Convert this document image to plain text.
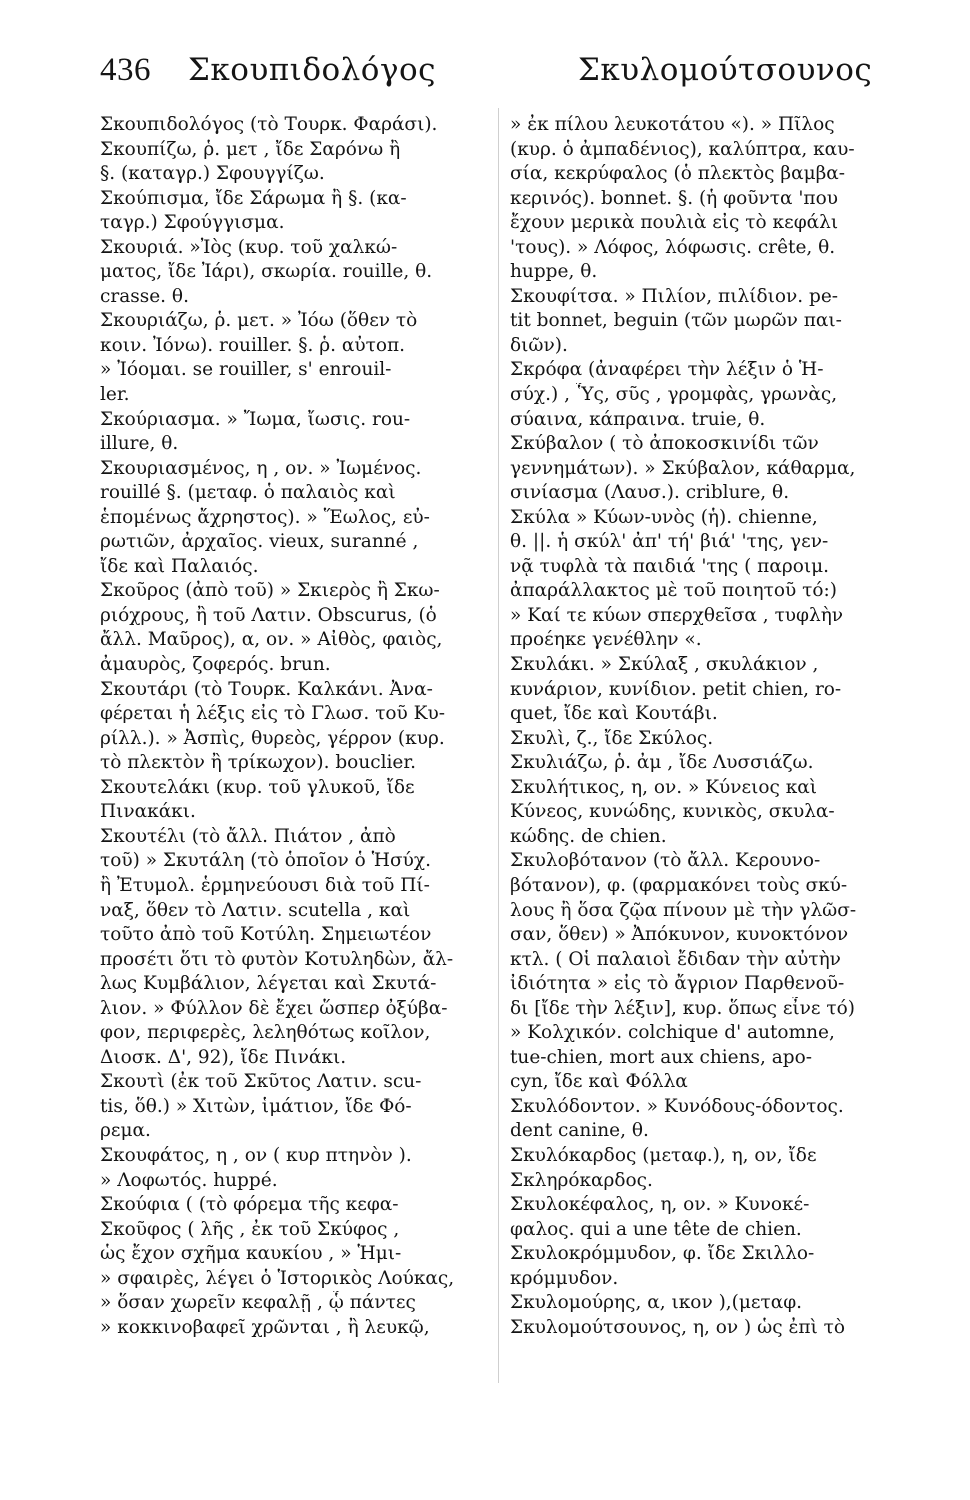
436 Σκουπιδολόγος	Σκυλομούτσουνος
Σκουπιδολόγος (τὸ Τουρκ. Φαράσι).
Σκουπίζω, ῥ. μετ , ἴδε Σαρόνω ἢ
§. (καταγρ.) Σφουγγίζω.
Σκούπισμα, ἴδε Σάρωμα ἢ §. (κα-
ταγρ.) Σφούγγισμα.
Σκουριά. »Ἰὸς (κυρ. τοῦ χαλκώ-
ματος, ἴδε Ἰάρι), σκωρία. rouille, θ.
crasse. θ.
Σκουριάζω, ῥ. μετ. » Ἰόω (ὅθεν τὸ
κοιν. Ἰόνω). rouiller. §. ῥ. αὐτοπ.
» Ἰόομαι. se rouiller, s' enrouil-
ler.
Σκούριασμα. » Ἴωμα, ἴωσις. rou-
illure, θ.
Σκουριασμένος, η , ον. » Ἰωμένος.
rouillé §. (μεταφ. ὁ παλαιὸς καὶ
ἑπομένως ἄχρηστος). » Ἕωλος, εὐ-
ρωτιῶν, ἀρχαῖος. vieux, suranné ,
ἴδε καὶ Παλαιός.
Σκοῦρος (ἀπὸ τοῦ) » Σκιερὸς ἢ Σκω-
ριόχρους, ἢ τοῦ Λατιν. Obscurus, (ὁ
ἄλλ. Μαῦρος), α, ον. » Αἰθὸς, φαιὸς,
ἀμαυρὸς, ζοφερός. brun.
Σκουτάρι (τὸ Τουρκ. Καλκάνι. Ἀνα-
φέρεται ἡ λέξις εἰς τὸ Γλωσ. τοῦ Κυ-
ρίλλ.). » Ἀσπὶς, θυρεὸς, γέρρον (κυρ.
τὸ πλεκτὸν ἢ τρίκωχον). bouclier.
Σκουτελάκι (κυρ. τοῦ γλυκοῦ, ἴδε
Πινακάκι.
Σκουτέλι (τὸ ἄλλ. Πιάτον , ἀπὸ
τοῦ) » Σκυτάλη (τὸ ὁποῖον ὁ Ἡσύχ.
ἢ Ἐτυμολ. ἑρμηνεύουσι διὰ τοῦ Πί-
ναξ, ὅθεν τὸ Λατιν. scutella , καὶ
τοῦτο ἀπὸ τοῦ Κοτύλη. Σημειωτέον
προσέτι ὅτι τὸ φυτὸν Κοτυληδὼν, ἄλ-
λως Κυμβάλιον, λέγεται καὶ Σκυτά-
λιον. » Φύλλον δὲ ἔχει ὥσπερ ὀξύβα-
φον, περιφερὲς, λεληθότως κοῖλον,
Διοσκ. Δ', 92), ἴδε Πινάκι.
Σκουτὶ (ἐκ τοῦ Σκῦτος Λατιν. scu-
tis, ὅθ.) » Χιτὼν, ἱμάτιον, ἴδε Φό-
ρεμα.
Σκουφάτος, η , ον ( κυρ πτηνὸν ).
» Λοφωτός. huppé.
Σκούφια ( (τὸ φόρεμα τῆς κεφα-
Σκοῦφος ( λῆς , ἐκ τοῦ Σκύφος ,
ὡς ἔχον σχῆμα καυκίου , » Ἡμι-
» σφαιρὲς, λέγει ὁ Ἱστορικὸς Λούκας,
» ὅσαν χωρεῖν κεφαλῇ , ᾧ πάντες
» κοκκινοβαφεῖ χρῶνται , ἢ λευκῷ,
» ἐκ πίλου λευκοτάτου «). » Πῖλος
(κυρ. ὁ ἀμπαδένιος), καλύπτρα, καυ-
σία, κεκρύφαλος (ὁ πλεκτὸς βαμβα-
κερινός). bonnet. §. (ἡ φοῦντα 'που
ἔχουν μερικὰ πουλιὰ εἰς τὸ κεφάλι
'τους). » Λόφος, λόφωσις. crête, θ.
huppe, θ.
Σκουφίτσα. » Πιλίον, πιλίδιον. pe-
tit bonnet, beguin (τῶν μωρῶν παι-
διῶν).
Σκρόφα (ἀναφέρει τὴν λέξιν ὁ Ἡ-
σύχ.) , Ὗς, σῦς , γρομφὰς, γρωνὰς,
σύαινα, κάπραινα. truie, θ.
Σκύβαλον ( τὸ ἀποκοσκινίδι τῶν
γεννημάτων). » Σκύβαλον, κάθαρμα,
σινίασμα (Λαυσ.). criblure, θ.
Σκύλα » Κύων-υνὸς (ἡ). chienne,
θ. ||. ἡ σκύλ' ἀπ' τή' βιά' 'της, γεν-
νᾷ τυφλὰ τὰ παιδιά 'της ( παροιμ.
ἀπαράλλακτος μὲ τοῦ ποιητοῦ τό:)
» Καί τε κύων σπερχθεῖσα , τυφλὴν
προέηκε γενέθλην «.
Σκυλάκι. » Σκύλαξ , σκυλάκιον ,
κυνάριον, κυνίδιον. petit chien, ro-
quet, ἴδε καὶ Κουτάβι.
Σκυλὶ, ζ., ἴδε Σκύλος.
Σκυλιάζω, ῥ. ἀμ , ἴδε Λυσσιάζω.
Σκυλήτικος, η, ον. » Κύνειος καὶ
Κύνεος, κυνώδης, κυνικὸς, σκυλα-
κώδης. de chien.
Σκυλοβότανον (τὸ ἄλλ. Κερουνο-
βότανον), φ. (φαρμακόνει τοὺς σκύ-
λους ἢ ὅσα ζῷα πίνουν μὲ τὴν γλῶσ-
σαν, ὅθεν) » Ἀπόκυνον, κυνοκτόνον
κτλ. ( Οἱ παλαιοὶ ἔδιδαν τὴν αὐτὴν
ἰδιότητα » εἰς τὸ ἄγριον Παρθενοῦ-
δι [ἴδε τὴν λέξιν], κυρ. ὅπως εἶνε τό)
» Κολχικόν. colchique d' automne,
tue-chien, mort aux chiens, apo-
cyn, ἴδε καὶ Φόλλα
Σκυλόδοντον. » Κυνόδους-όδοντος.
dent canine, θ.
Σκυλόκαρδος (μεταφ.), η, ον, ἴδε
Σκληρόκαρδος.
Σκυλοκέφαλος, η, ον. » Κυνοκέ-
φαλος. qui a une tête de chien.
Σκυλοκρόμμυδον, φ. ἴδε Σκιλλο-
κρόμμυδον.
Σκυλομούρης, α, ικον ),(μεταφ.
Σκυλομούτσουνος, η, ον ) ὡς ἐπὶ τὸ
